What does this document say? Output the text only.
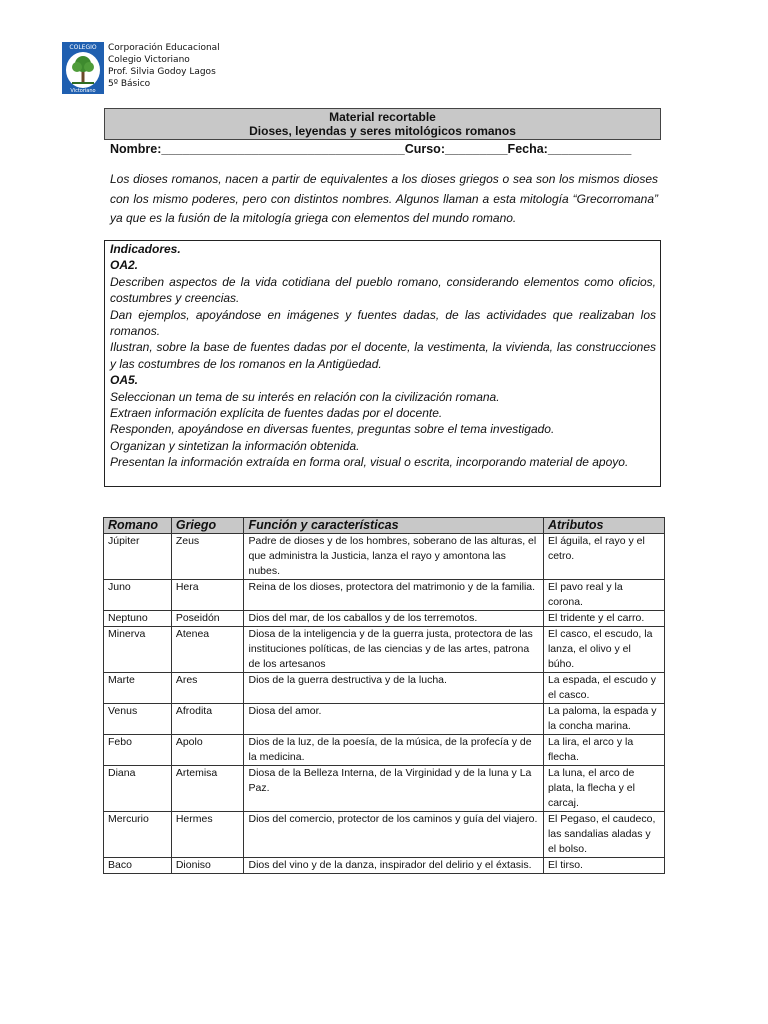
COLEGIO
Victoriano
Corporación Educacional
Colegio Victoriano
Prof. Silvia Godoy Lagos
5º Básico
Material recortable
Dioses, leyendas y seres mitológicos romanos
Nombre:___________________________________Curso:_________Fecha:____________
Los dioses romanos, nacen a partir de equivalentes a los dioses griegos o sea son los mismos dioses con los mismo poderes, pero con distintos nombres. Algunos llaman a esta mitología “Grecorromana” ya que es la fusión de la mitología griega con elementos del mundo romano.

Indicadores.

OA2.

Describen aspectos de la vida cotidiana del pueblo romano, considerando elementos como oficios, costumbres y creencias.

Dan ejemplos, apoyándose en imágenes y fuentes dadas, de las actividades que realizaban los romanos.

Ilustran, sobre la base de fuentes dadas por el docente, la vestimenta, la vivienda, las construcciones y las costumbres de los romanos en la Antigüedad.

OA5.

Seleccionan un tema de su interés en relación con la civilización romana.

Extraen información explícita de fuentes dadas por el docente.

Responden, apoyándose en diversas fuentes, preguntas sobre el tema investigado.

Organizan y sintetizan la información obtenida.

Presentan la información extraída en forma oral, visual o escrita, incorporando material de apoyo.

Romano	Griego	Función y características	Atributos
Júpiter	Zeus	Padre de dioses y de los hombres, soberano de las alturas, el que administra la Justicia, lanza el rayo y amontona las nubes.	El águila, el rayo y el cetro.
Juno	Hera	Reina de los dioses, protectora del matrimonio y de la familia.	El pavo real y la corona.
Neptuno	Poseidón	Dios del mar, de los caballos y de los terremotos.	El tridente y el carro.
Minerva	Atenea	Diosa de la inteligencia y de la guerra justa, protectora de las instituciones políticas, de las ciencias y de las artes, patrona de los artesanos	El casco, el escudo, la lanza, el olivo y el búho.
Marte	Ares	Dios de la guerra destructiva y de la lucha.	La espada, el escudo y el casco.
Venus	Afrodita	Diosa del amor.	La paloma, la espada y la concha marina.
Febo	Apolo	Dios de la luz, de la poesía, de la música, de la profecía y de la medicina.	La lira, el arco y la flecha.
Diana	Artemisa	Diosa de la Belleza Interna, de la Virginidad y de la luna y La Paz.	La luna, el arco de plata, la flecha y el carcaj.
Mercurio	Hermes	Dios del comercio, protector de los caminos y guía del viajero.	El Pegaso, el caudeco, las sandalias aladas y el bolso.
Baco	Dioniso	Dios del vino y de la danza, inspirador del delirio y el éxtasis.	El tirso.
